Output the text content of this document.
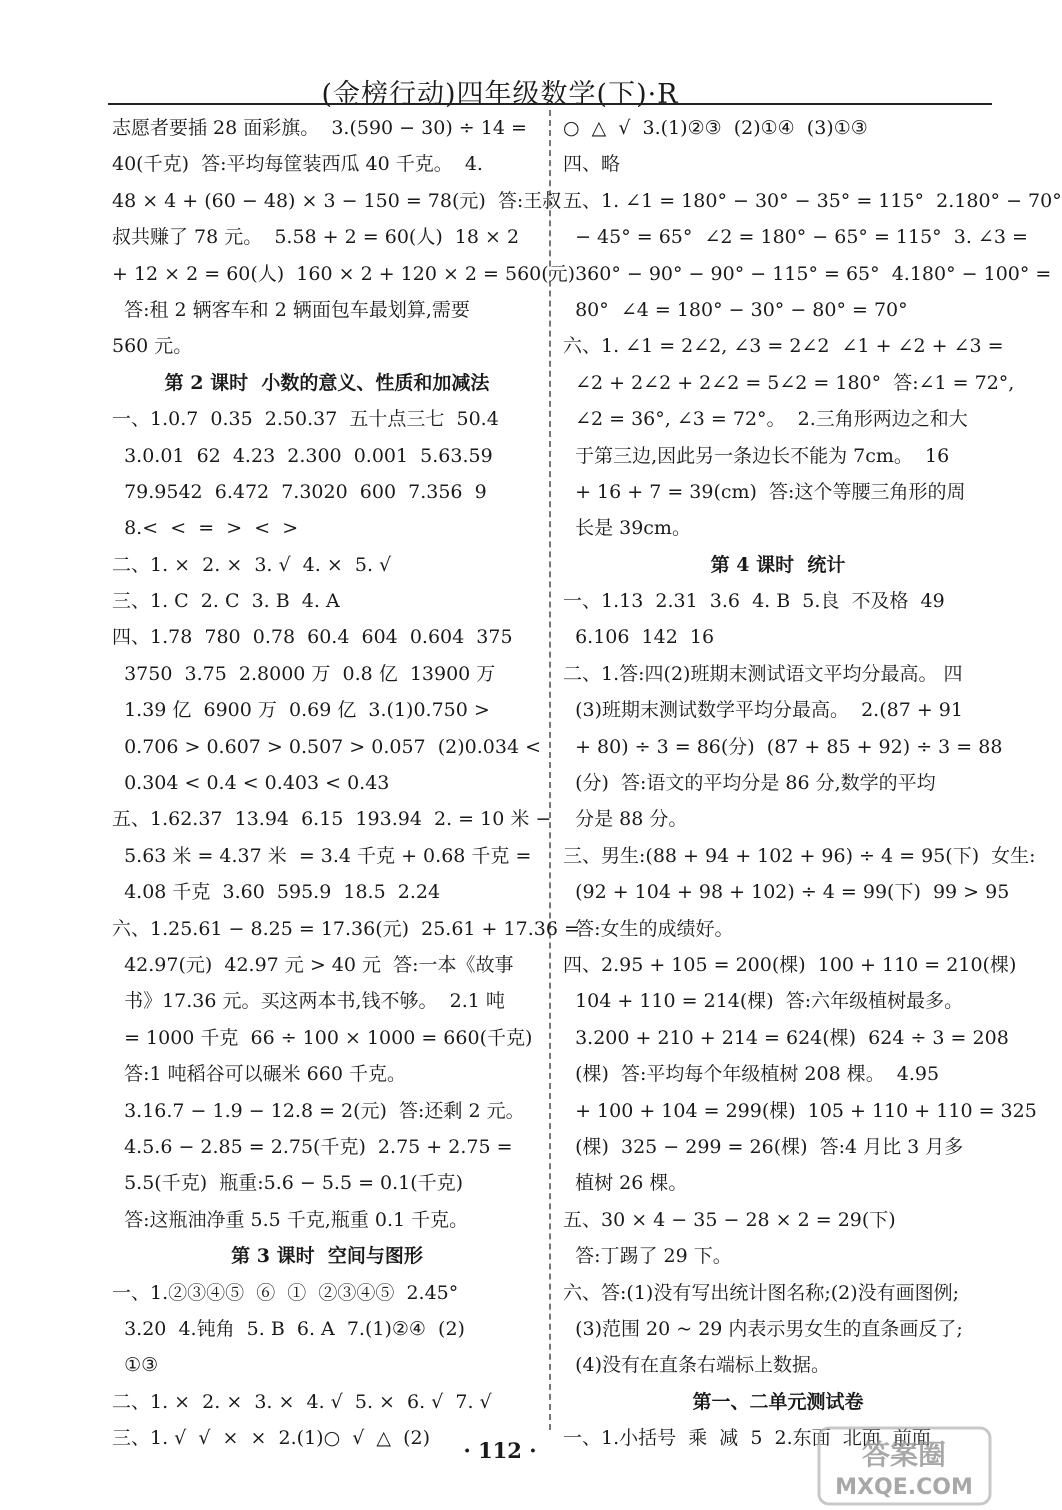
(金榜行动)四年级数学(下)·R
志愿者要插 28 面彩旗。  3.(590 − 30) ÷ 14 =
40(千克)  答:平均每筐装西瓜 40 千克。  4.
48 × 4 + (60 − 48) × 3 − 150 = 78(元)  答:王叔
叔共赚了 78 元。  5.58 + 2 = 60(人)  18 × 2
+ 12 × 2 = 60(人)  160 × 2 + 120 × 2 = 560(元)
答:租 2 辆客车和 2 辆面包车最划算,需要
560 元。
第 2 课时  小数的意义、性质和加减法
一、1.0.7  0.35  2.50.37  五十点三七  50.4
3.0.01  62  4.23  2.300  0.001  5.63.59
79.9542  6.472  7.3020  600  7.356  9
8.<  <  =  >  <  >
二、1. ×  2. ×  3. √  4. ×  5. √
三、1. C  2. C  3. B  4. A
四、1.78  780  0.78  60.4  604  0.604  375
3750  3.75  2.8000 万  0.8 亿  13900 万
1.39 亿  6900 万  0.69 亿  3.(1)0.750 >
0.706 > 0.607 > 0.507 > 0.057  (2)0.034 <
0.304 < 0.4 < 0.403 < 0.43
五、1.62.37  13.94  6.15  193.94  2. = 10 米 −
5.63 米 = 4.37 米  = 3.4 千克 + 0.68 千克 =
4.08 千克  3.60  595.9  18.5  2.24
六、1.25.61 − 8.25 = 17.36(元)  25.61 + 17.36 =
42.97(元)  42.97 元 > 40 元  答:一本《故事
书》17.36 元。买这两本书,钱不够。  2.1 吨
= 1000 千克  66 ÷ 100 × 1000 = 660(千克)
答:1 吨稻谷可以碾米 660 千克。
3.16.7 − 1.9 − 12.8 = 2(元)  答:还剩 2 元。
4.5.6 − 2.85 = 2.75(千克)  2.75 + 2.75 =
5.5(千克)  瓶重:5.6 − 5.5 = 0.1(千克)
答:这瓶油净重 5.5 千克,瓶重 0.1 千克。
第 3 课时  空间与图形
一、1.②③④⑤  ⑥  ①  ②③④⑤  2.45°
3.20  4.钝角  5. B  6. A  7.(1)②④  (2)
①③
二、1. ×  2. ×  3. ×  4. √  5. ×  6. √  7. √
三、1. √  √  ×  ×  2.(1)○  √  △  (2)
○  △  √  3.(1)②③  (2)①④  (3)①③
四、略
五、1. ∠1 = 180° − 30° − 35° = 115°  2.180° − 70°
− 45° = 65°  ∠2 = 180° − 65° = 115°  3. ∠3 =
360° − 90° − 90° − 115° = 65°  4.180° − 100° =
80°  ∠4 = 180° − 30° − 80° = 70°
六、1. ∠1 = 2∠2, ∠3 = 2∠2  ∠1 + ∠2 + ∠3 =
∠2 + 2∠2 + 2∠2 = 5∠2 = 180°  答:∠1 = 72°,
∠2 = 36°, ∠3 = 72°。  2.三角形两边之和大
于第三边,因此另一条边长不能为 7cm。  16
+ 16 + 7 = 39(cm)  答:这个等腰三角形的周
长是 39cm。
第 4 课时  统计
一、1.13  2.31  3.6  4. B  5.良  不及格  49
6.106  142  16
二、1.答:四(2)班期末测试语文平均分最高。 四
(3)班期末测试数学平均分最高。  2.(87 + 91
+ 80) ÷ 3 = 86(分)  (87 + 85 + 92) ÷ 3 = 88
(分)  答:语文的平均分是 86 分,数学的平均
分是 88 分。
三、男生:(88 + 94 + 102 + 96) ÷ 4 = 95(下)  女生:
(92 + 104 + 98 + 102) ÷ 4 = 99(下)  99 > 95
答:女生的成绩好。
四、2.95 + 105 = 200(棵)  100 + 110 = 210(棵)
104 + 110 = 214(棵)  答:六年级植树最多。
3.200 + 210 + 214 = 624(棵)  624 ÷ 3 = 208
(棵)  答:平均每个年级植树 208 棵。  4.95
+ 100 + 104 = 299(棵)  105 + 110 + 110 = 325
(棵)  325 − 299 = 26(棵)  答:4 月比 3 月多
植树 26 棵。
五、30 × 4 − 35 − 28 × 2 = 29(下)
答:丁踢了 29 下。
六、答:(1)没有写出统计图名称;(2)没有画图例;
(3)范围 20 ~ 29 内表示男女生的直条画反了;
(4)没有在直条右端标上数据。
第一、二单元测试卷
一、1.小括号  乘  减  5  2.东面  北面  前面
· 112 ·	答案圈
MXQE.COM
